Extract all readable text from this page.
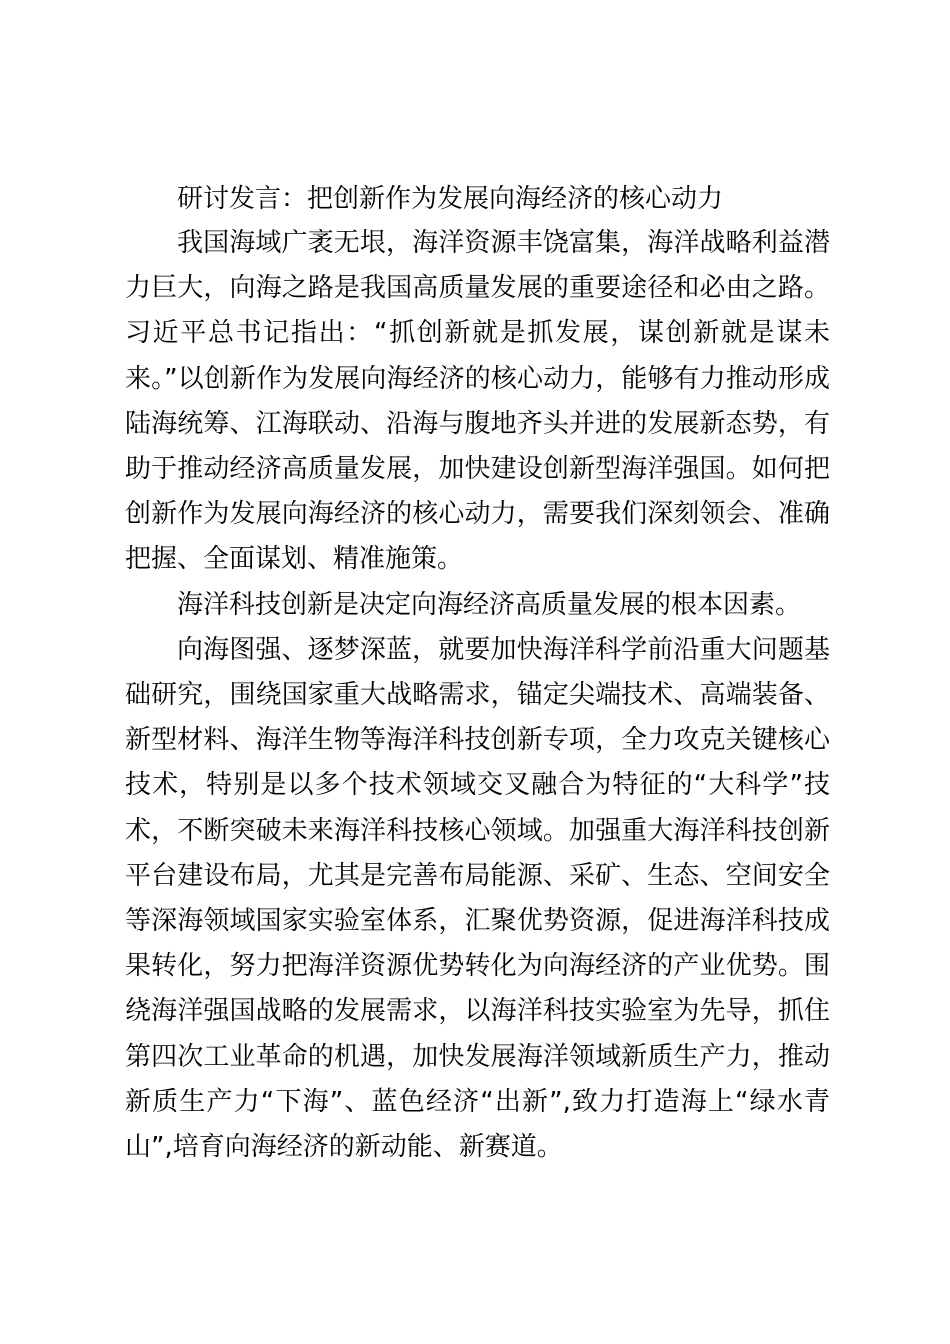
研讨发言：把创新作为发展向海经济的核心动力

我国海域广袤无垠，海洋资源丰饶富集，海洋战略利益潜力巨大，向海之路是我国高质量发展的重要途径和必由之路。习近平总书记指出：“抓创新就是抓发展，谋创新就是谋未来。”以创新作为发展向海经济的核心动力，能够有力推动形成陆海统筹、江海联动、沿海与腹地齐头并进的发展新态势，有助于推动经济高质量发展，加快建设创新型海洋强国。如何把创新作为发展向海经济的核心动力，需要我们深刻领会、准确把握、全面谋划、精准施策。

海洋科技创新是决定向海经济高质量发展的根本因素。

向海图强、逐梦深蓝，就要加快海洋科学前沿重大问题基础研究，围绕国家重大战略需求，锚定尖端技术、高端装备、新型材料、海洋生物等海洋科技创新专项，全力攻克关键核心技术，特别是以多个技术领域交叉融合为特征的“大科学”技术，不断突破未来海洋科技核心领域。加强重大海洋科技创新平台建设布局，尤其是完善布局能源、采矿、生态、空间安全等深海领域国家实验室体系，汇聚优势资源，促进海洋科技成果转化，努力把海洋资源优势转化为向海经济的产业优势。围绕海洋强国战略的发展需求，以海洋科技实验室为先导，抓住第四次工业革命的机遇，加快发展海洋领域新质生产力，推动新质生产力“下海”、蓝色经济“出新”,致力打造海上“绿水青山”,培育向海经济的新动能、新赛道。
